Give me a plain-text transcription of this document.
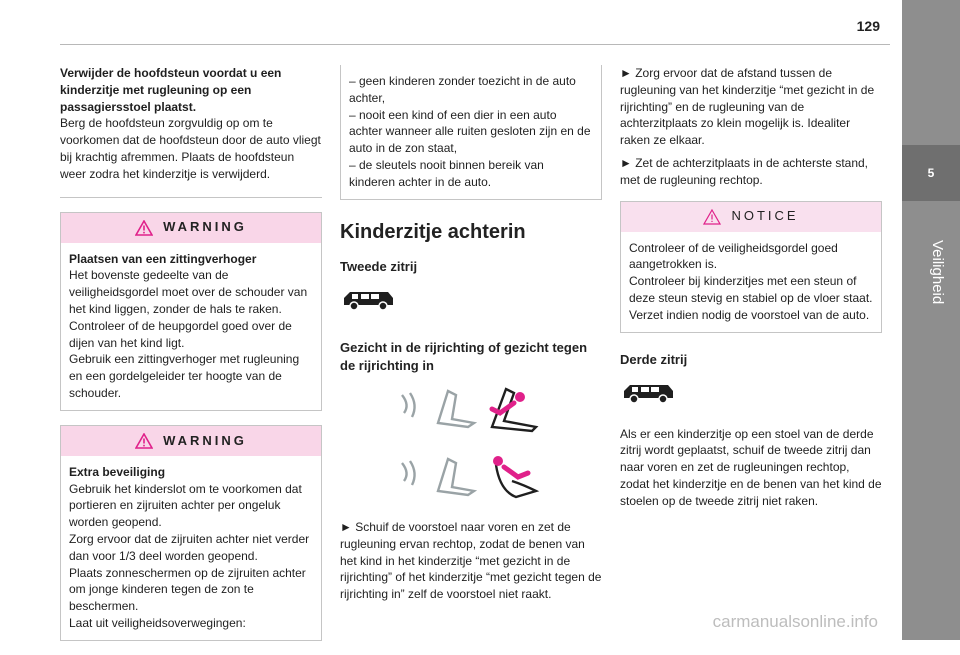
129
5
Veiligheid

Verwijder de hoofdsteun voordat u een kinderzitje met rugleuning op een passagiersstoel plaatst.

Berg de hoofdsteun zorgvuldig op om te voorkomen dat de hoofdsteun door de auto vliegt bij krachtig afremmen. Plaats de hoofdsteun weer zodra het kinderzitje is verwijderd.

WARNING

Plaatsen van een zittingverhoger

Het bovenste gedeelte van de veiligheidsgordel moet over de schouder van het kind liggen, zonder de hals te raken.

Controleer of de heupgordel goed over de dijen van het kind ligt.

Gebruik een zittingverhoger met rugleuning en een gordelgeleider ter hoogte van de schouder.

WARNING

Extra beveiliging

Gebruik het kinderslot om te voorkomen dat portieren en zijruiten achter per ongeluk worden geopend.

Zorg ervoor dat de zijruiten achter niet verder dan voor 1/3 deel worden geopend.

Plaats zonneschermen op de zijruiten achter om jonge kinderen tegen de zon te beschermen.

Laat uit veiligheidsoverwegingen:

– geen kinderen zonder toezicht in de auto achter,

– nooit een kind of een dier in een auto achter wanneer alle ruiten gesloten zijn en de auto in de zon staat,

– de sleutels nooit binnen bereik van kinderen achter in de auto.

Kinderzitje achterin
Tweede zitrij
Gezicht in de rijrichting of gezicht tegen de rijrichting in

► Schuif de voorstoel naar voren en zet de rugleuning ervan rechtop, zodat de benen van het kind in het kinderzitje “met gezicht in de rijrichting” of het kinderzitje “met gezicht tegen de rijrichting in” zelf de voorstoel niet raakt.

► Zorg ervoor dat de afstand tussen de rugleuning van het kinderzitje “met gezicht in de rijrichting” en de rugleuning van de achterzitplaats zo klein mogelijk is. Idealiter raken ze elkaar.

► Zet de achterzitplaats in de achterste stand, met de rugleuning rechtop.

NOTICE

Controleer of de veiligheidsgordel goed aangetrokken is.

Controleer bij kinderzitjes met een steun of deze steun stevig en stabiel op de vloer staat. Verzet indien nodig de voorstoel van de auto.

Derde zitrij

Als er een kinderzitje op een stoel van de derde zitrij wordt geplaatst, schuif de tweede zitrij dan naar voren en zet de rugleuningen rechtop, zodat het kinderzitje en de benen van het kind de stoelen op de tweede zitrij niet raken.

carmanualsonline.info
